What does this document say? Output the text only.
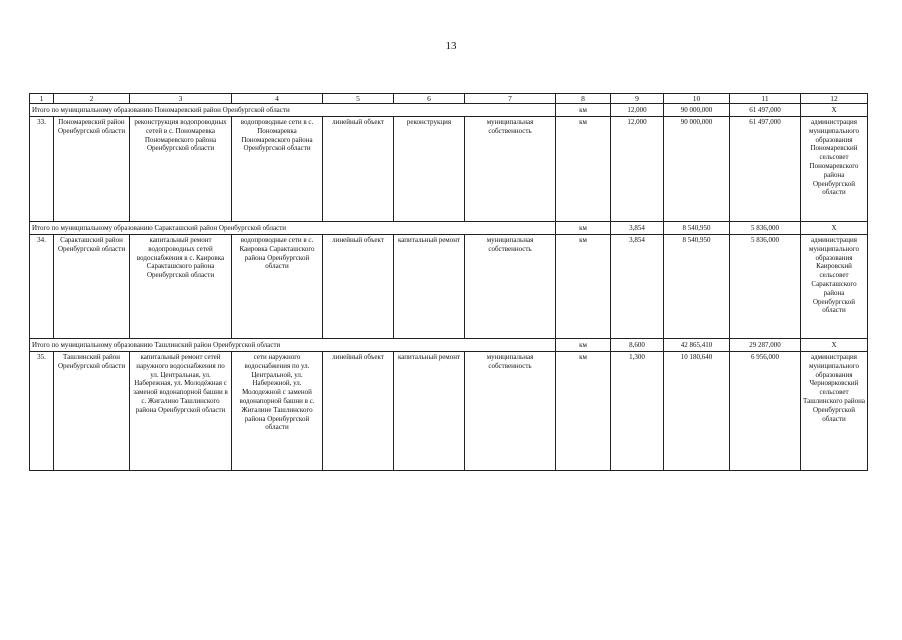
13
1	2	3	4	5	6	7	8	9	10	11	12
Итого по муниципальному образованию Пономаревский район Оренбургской области							км	12,000	90 000,000	61 497,000	X
33.	Пономаревский район Оренбургской области	реконструкция водопроводных сетей в с. Пономаревка Пономаревского района Оренбургской области	водопроводные сети в с. Пономаревка Пономаревского района Оренбургской области	линейный объект	реконструкция	муниципальная собственность	км	12,000	90 000,000	61 497,000	администрация муниципального образования Пономаревский сельсовет Пономаревского района Оренбургской области
Итого по муниципальному образованию Саракташский район Оренбургской области							км	3,854	8 540,950	5 836,000	X
34.	Саракташский район Оренбургской области	капитальный ремонт водопроводных сетей водоснабжения в с. Каировка Саракташского района Оренбургской области	водопроводные сети в с. Каировка Саракташского района Оренбургской области	линейный объект	капитальный ремонт	муниципальная собственность	км	3,854	8 540,950	5 836,000	администрация муниципального образования Каировский сельсовет Саракташского района Оренбургской области
Итого по муниципальному образованию Ташлинский район Оренбургской области							км	8,600	42 865,410	29 287,000	X
35.	Ташлинский район Оренбургской области	капитальный ремонт сетей наружного водоснабжения по ул. Центральная, ул. Набережная, ул. Молодёжная с заменой водонапорной башни в с. Жигалино Ташлинского района Оренбургской области	сети наружного водоснабжения по ул. Центральной, ул. Набережной, ул. Молодежной с заменой водонапорной башни в с. Жигалине Ташлинского района Оренбургской области	линейный объект	капитальный ремонт	муниципальная собственность	км	1,300	10 180,640	6 956,000	администрация муниципального образования Черноярковский сельсовет Ташлинского района Оренбургской области
